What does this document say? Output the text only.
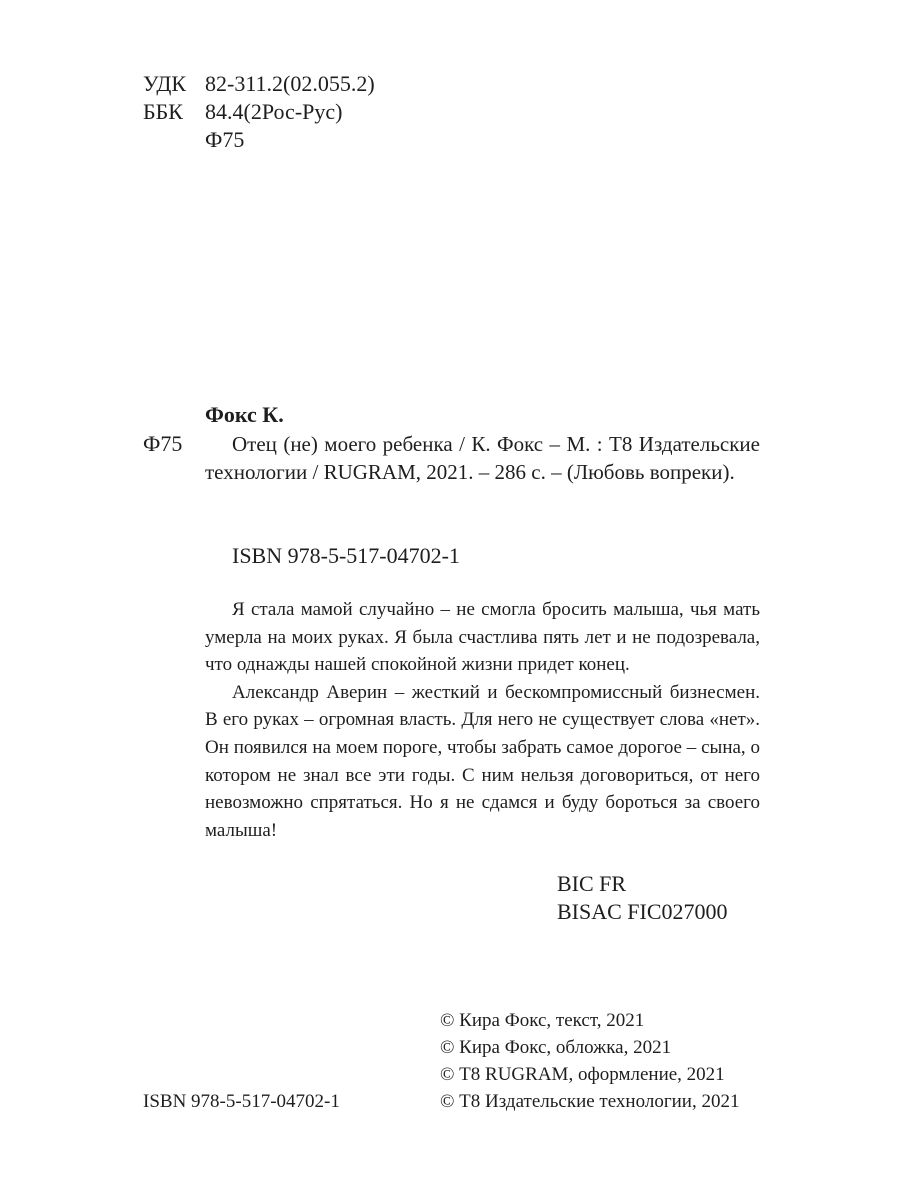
УДК 82-311.2(02.055.2)
ББК 84.4(2Рос-Рус)
Ф75
Фокс К.
Ф75	Отец (не) моего ребенка / К. Фокс – М. : Т8 Издательские технологии / RUGRAM, 2021. – 286 с. – (Любовь вопреки).

ISBN 978-5-517-04702-1

Я стала мамой случайно – не смогла бросить малыша, чья мать умерла на моих руках. Я была счастлива пять лет и не подозревала, что однажды нашей спокойной жизни придет конец.

Александр Аверин – жесткий и бескомпромиссный бизнесмен. В его руках – огромная власть. Для него не существует слова «нет». Он появился на моем пороге, чтобы забрать самое дорогое – сына, о котором не знал все эти годы. С ним нельзя договориться, от него невозможно спрятаться. Но я не сдамся и буду бороться за своего малыша!

BIC FR
BISAC FIC027000
ISBN 978-5-517-04702-1
© Кира Фокс, текст, 2021
© Кира Фокс, обложка, 2021
© Т8 RUGRAM, оформление, 2021
© Т8 Издательские технологии, 2021
